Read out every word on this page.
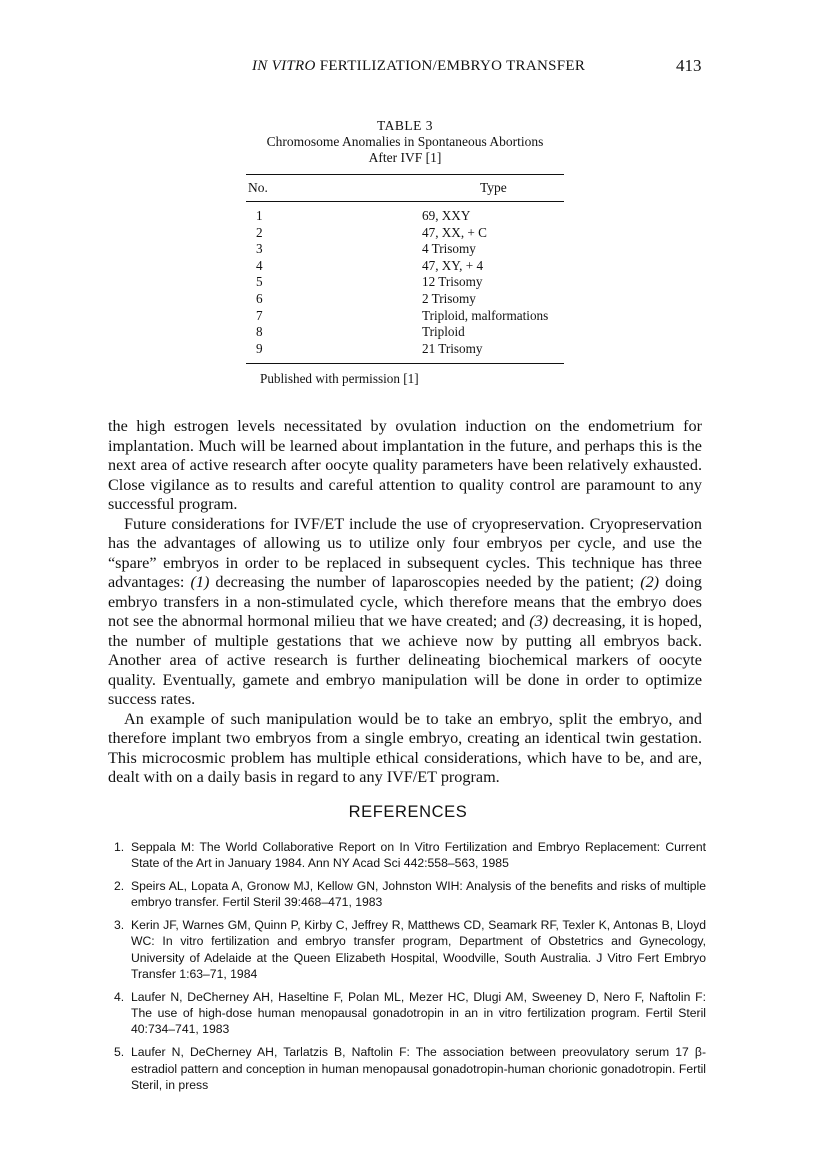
IN VITRO FERTILIZATION/EMBRYO TRANSFER	413
TABLE 3
Chromosome Anomalies in Spontaneous Abortions
After IVF [1]
No.	Type
1	69, XXY
2	47, XX, + C
3	4 Trisomy
4	47, XY, + 4
5	12 Trisomy
6	2 Trisomy
7	Triploid, malformations
8	Triploid
9	21 Trisomy
Published with permission [1]

the high estrogen levels necessitated by ovulation induction on the endometrium for implantation. Much will be learned about implantation in the future, and perhaps this is the next area of active research after oocyte quality parameters have been relatively exhausted. Close vigilance as to results and careful attention to quality control are paramount to any successful program.

Future considerations for IVF/ET include the use of cryopreservation. Cryopreservation has the advantages of allowing us to utilize only four embryos per cycle, and use the “spare” embryos in order to be replaced in subsequent cycles. This technique has three advantages: (1) decreasing the number of laparoscopies needed by the patient; (2) doing embryo transfers in a non-stimulated cycle, which therefore means that the embryo does not see the abnormal hormonal milieu that we have created; and (3) decreasing, it is hoped, the number of multiple gestations that we achieve now by putting all embryos back. Another area of active research is further delineating biochemical markers of oocyte quality. Eventually, gamete and embryo manipulation will be done in order to optimize success rates.

An example of such manipulation would be to take an embryo, split the embryo, and therefore implant two embryos from a single embryo, creating an identical twin gestation. This microcosmic problem has multiple ethical considerations, which have to be, and are, dealt with on a daily basis in regard to any IVF/ET program.

REFERENCES
1. Seppala M: The World Collaborative Report on In Vitro Fertilization and Embryo Replacement: Current State of the Art in January 1984. Ann NY Acad Sci 442:558–563, 1985
2. Speirs AL, Lopata A, Gronow MJ, Kellow GN, Johnston WIH: Analysis of the benefits and risks of multiple embryo transfer. Fertil Steril 39:468–471, 1983
3. Kerin JF, Warnes GM, Quinn P, Kirby C, Jeffrey R, Matthews CD, Seamark RF, Texler K, Antonas B, Lloyd WC: In vitro fertilization and embryo transfer program, Department of Obstetrics and Gynecology, University of Adelaide at the Queen Elizabeth Hospital, Woodville, South Australia. J Vitro Fert Embryo Transfer 1:63–71, 1984
4. Laufer N, DeCherney AH, Haseltine F, Polan ML, Mezer HC, Dlugi AM, Sweeney D, Nero F, Naftolin F: The use of high-dose human menopausal gonadotropin in an in vitro fertilization program. Fertil Steril 40:734–741, 1983
5. Laufer N, DeCherney AH, Tarlatzis B, Naftolin F: The association between preovulatory serum 17 β-estradiol pattern and conception in human menopausal gonadotropin-human chorionic gonadotropin. Fertil Steril, in press
